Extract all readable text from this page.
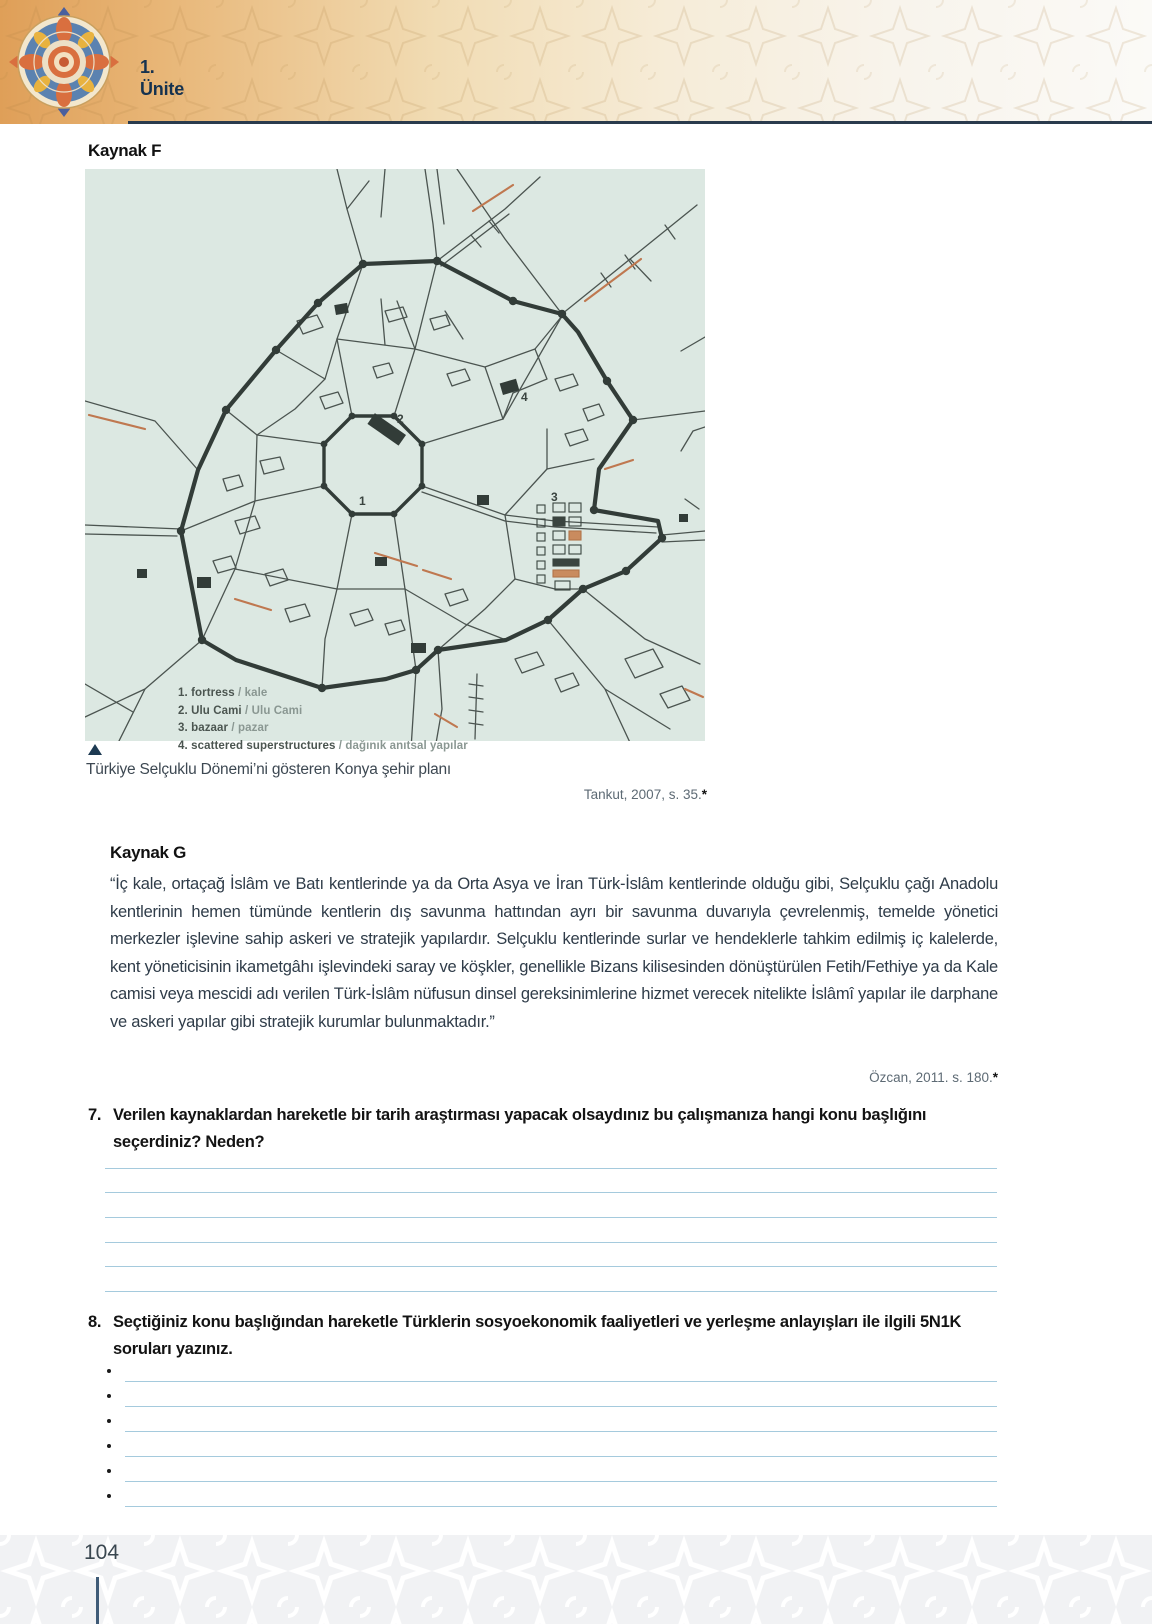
1.
Ünite
Kaynak F
1
2
3
4
1. fortress / kale
2. Ulu Cami / Ulu Cami
3. bazaar / pazar
4. scattered superstructures / dağınık anıtsal yapılar
Türkiye Selçuklu Dönemi’ni gösteren Konya şehir planı
Tankut, 2007, s. 35.*
Kaynak G
“İç kale, ortaçağ İslâm ve Batı kentlerinde ya da Orta Asya ve İran Türk-İslâm kentlerinde olduğu gibi, Selçuklu çağı Anadolu kentlerinin hemen tümünde kentlerin dış savunma hattından ayrı bir savunma duvarıyla çevrelenmiş, temelde yönetici merkezler işlevine sahip askeri ve stratejik yapılardır. Selçuklu kentlerinde surlar ve hendeklerle tahkim edilmiş iç kalelerde, kent yöneticisinin ikametgâhı işlevindeki saray ve köşkler, genellikle Bizans kilisesinden dönüştürülen Fetih/Fethiye ya da Kale camisi veya mescidi adı verilen Türk-İslâm nüfusun dinsel gereksinimlerine hizmet verecek nitelikte İslâmî yapılar ile darphane ve askeri yapılar gibi stratejik kurumlar bulunmaktadır.”
Özcan, 2011. s. 180.*
7. Verilen kaynaklardan hareketle bir tarih araştırması yapacak olsaydınız bu çalışmanıza hangi konu başlığını seçerdiniz? Neden?
8. Seçtiğiniz konu başlığından hareketle Türklerin sosyoekonomik faaliyetleri ve yerleşme anlayışları ile ilgili 5N1K soruları yazınız.
104
